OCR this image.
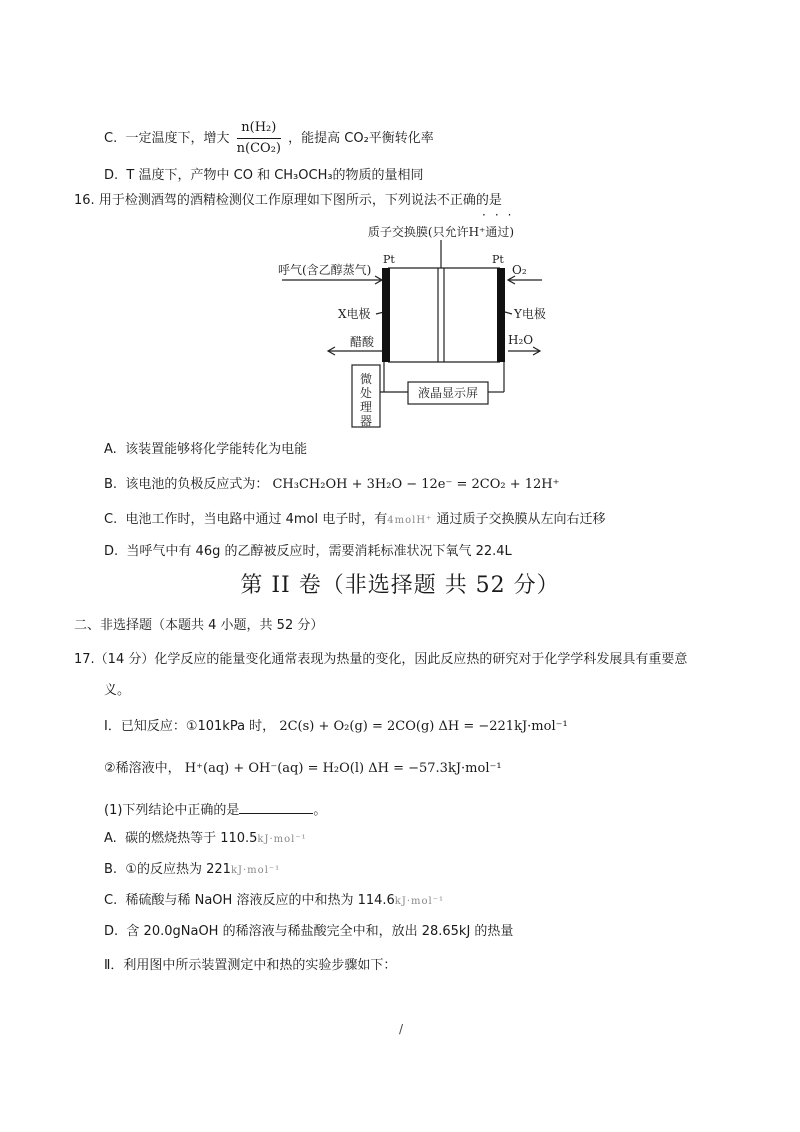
C. 一定温度下，增大 $\frac{\text{n(H₂)}}{\text{n(CO₂)}}$ ，能提高 CO₂平衡转化率
D. T 温度下，产物中 CO 和 CH₃OCH₃的物质的量相同
16. 用于检测酒驾的酒精检测仪工作原理如下图所示，下列说法不正确的是
···
质子交换膜(只允许H⁺通过)
Pt	Pt
呼气(含乙醇蒸气)	O₂
X电极	Y电极
醋酸	H₂O
微处理器
液晶显示屏
A. 该装置能够将化学能转化为电能
B. 该电池的负极反应式为： CH₃CH₂OH + 3H₂O − 12e⁻ = 2CO₂ + 12H⁺
C. 电池工作时，当电路中通过 4mol 电子时，有4molH⁺ 通过质子交换膜从左向右迁移
D. 当呼气中有 46g 的乙醇被反应时，需要消耗标准状况下氧气 22.4L
第 II 卷（非选择题 共 52 分）
二、非选择题（本题共 4 小题，共 52 分）
17.（14 分）化学反应的能量变化通常表现为热量的变化，因此反应热的研究对于化学学科发展具有重要意
义。
Ⅰ．已知反应：①101kPa 时， 2C(s) + O₂(g) = 2CO(g) ΔH = −221kJ·mol⁻¹
②稀溶液中， H⁺(aq) + OH⁻(aq) = H₂O(l) ΔH = −57.3kJ·mol⁻¹
(1)下列结论中正确的是	。
A. 碳的燃烧热等于 110.5kJ·mol⁻¹
B. ①的反应热为 221kJ·mol⁻¹
C. 稀硫酸与稀 NaOH 溶液反应的中和热为 114.6kJ·mol⁻¹
D. 含 20.0gNaOH 的稀溶液与稀盐酸完全中和，放出 28.65kJ 的热量
Ⅱ．利用图中所示装置测定中和热的实验步骤如下：
/
